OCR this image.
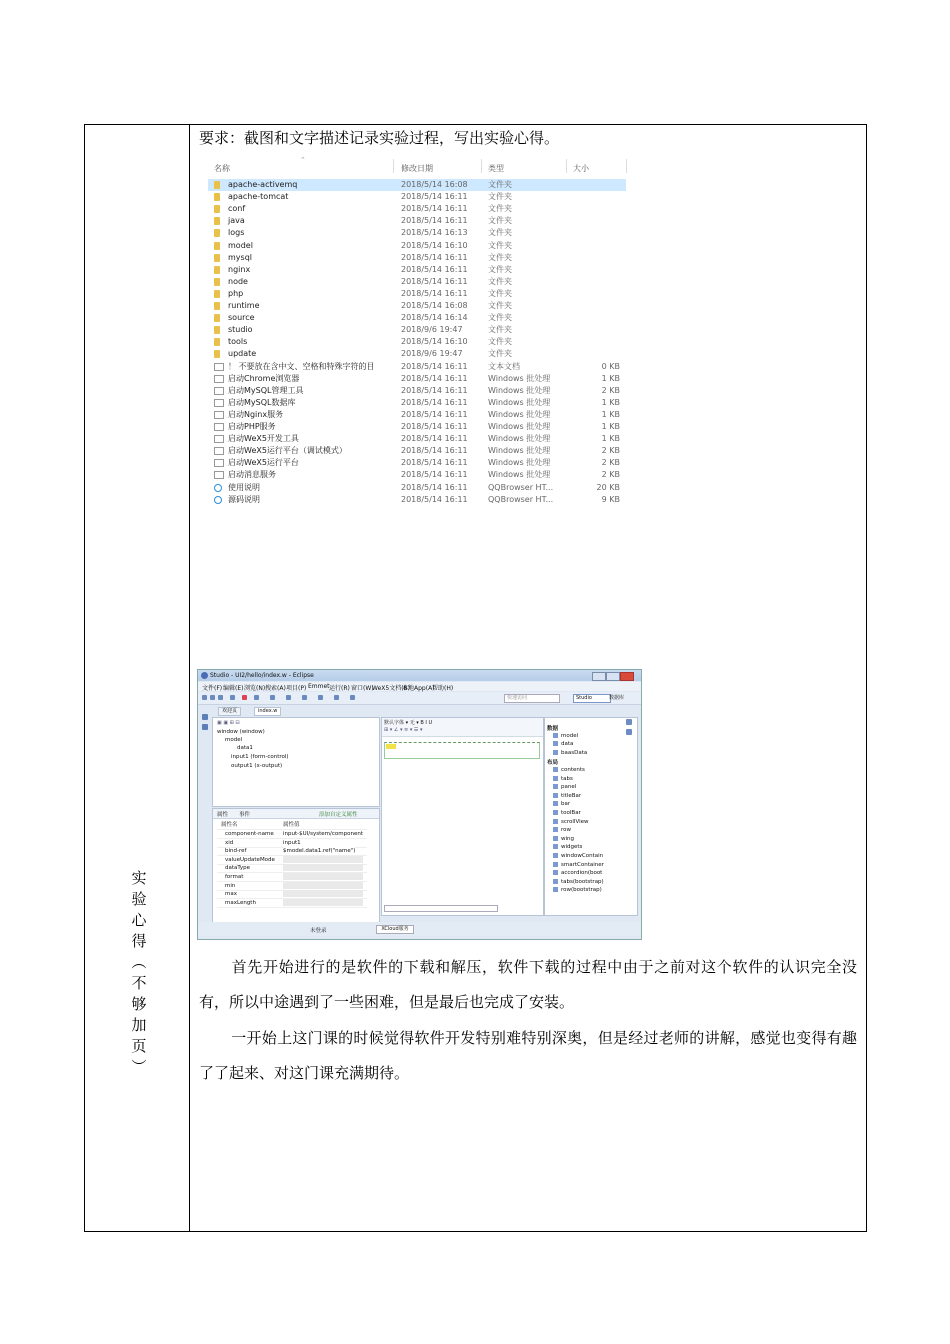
实
验
心
得
︵
不
够
加
页
︶
要求：截图和文字描述记录实验过程，写出实验心得。
名称
⌃
修改日期	类型	大小
apache-activemq	2018/5/14 16:08	文件夹
apache-tomcat	2018/5/14 16:11	文件夹
conf	2018/5/14 16:11	文件夹
java	2018/5/14 16:11	文件夹
logs	2018/5/14 16:13	文件夹
model	2018/5/14 16:10	文件夹
mysql	2018/5/14 16:11	文件夹
nginx	2018/5/14 16:11	文件夹
node	2018/5/14 16:11	文件夹
php	2018/5/14 16:11	文件夹
runtime	2018/5/14 16:08	文件夹
source	2018/5/14 16:14	文件夹
studio	2018/9/6 19:47	文件夹
tools	2018/5/14 16:10	文件夹
update	2018/9/6 19:47	文件夹
！ 不要放在含中文、空格和特殊字符的目	2018/5/14 16:11	文本文档	0 KB
启动Chrome浏览器	2018/5/14 16:11	Windows 批处理	1 KB
启动MySQL管理工具	2018/5/14 16:11	Windows 批处理	2 KB
启动MySQL数据库	2018/5/14 16:11	Windows 批处理	1 KB
启动Nginx服务	2018/5/14 16:11	Windows 批处理	1 KB
启动PHP服务	2018/5/14 16:11	Windows 批处理	1 KB
启动WeX5开发工具	2018/5/14 16:11	Windows 批处理	1 KB
启动WeX5运行平台（调试模式）	2018/5/14 16:11	Windows 批处理	2 KB
启动WeX5运行平台	2018/5/14 16:11	Windows 批处理	2 KB
启动消息服务	2018/5/14 16:11	Windows 批处理	2 KB
使用说明	2018/5/14 16:11	QQBrowser HT...	20 KB
源码说明	2018/5/14 16:11	QQBrowser HT...	9 KB
Studio - UI2/hello/index.w - Eclipse
文件(F) 编辑(E) 浏览(N) 搜索(A) 项目(P) Emmet 运行(R) 窗口(W)
WeX5文档(B)
本地App(A)
帮助(H)
快速访问	Studio	数据库
欢迎页	index.w
▣ ▣ ⊞ ⊟
window (window)
model
data1
input1 (form-control)
output1 (x-output)
属性 事件	添加自定义属性
属性名	属性值
component-name input-$UI/system/component
xid	input1
bind-ref	$model.data1.ref("name")
valueUpdateMode
dataType
format
min
max
maxLength
默认字体 ▾ 无 ▾ B I U
⊞ ▾ ∠ ▾ ≡ ▾ ☰ ▾	数据
model
data
baasData
布局
contents
tabs
panel
titleBar
bar
toolBar
scrollView
row
wing
widgets
windowContain
smartContainer
accordion(boot
tabs(bootstrap)
row(bootstrap)
未登录	XCloud服务
首先开始进行的是软件的下载和解压，软件下载的过程中由于之前对这个软件的认识完全没有，所以中途遇到了一些困难，但是最后也完成了安装。
一开始上这门课的时候觉得软件开发特别难特别深奥，但是经过老师的讲解，感觉也变得有趣了了起来、对这门课充满期待。
